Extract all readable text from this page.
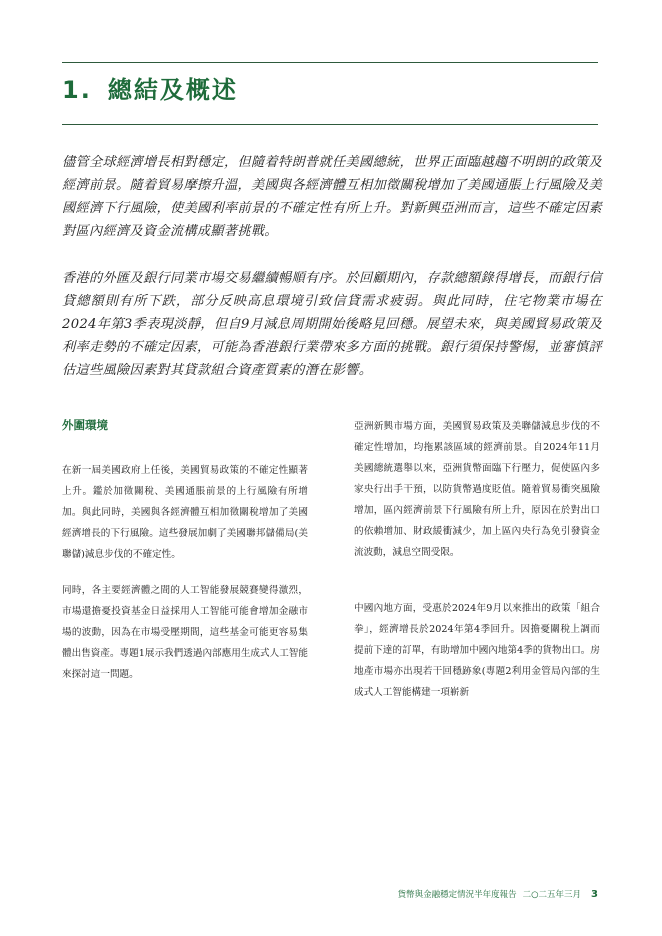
1. 總結及概述
儘管全球經濟增長相對穩定，但隨着特朗普就任美國總統，世界正面臨越趨不明朗的政策及經濟前景。隨着貿易摩擦升溫，美國與各經濟體互相加徵關稅增加了美國通脹上行風險及美國經濟下行風險，使美國利率前景的不確定性有所上升。對新興亞洲而言，這些不確定因素對區內經濟及資金流構成顯著挑戰。
香港的外匯及銀行同業市場交易繼續暢順有序。於回顧期內，存款總額錄得增長，而銀行信貸總額則有所下跌，部分反映高息環境引致信貸需求疲弱。與此同時，住宅物業市場在2024年第3季表現淡靜，但自9月減息周期開始後略見回穩。展望未來，與美國貿易政策及利率走勢的不確定因素，可能為香港銀行業帶來多方面的挑戰。銀行須保持警惕，並審慎評估這些風險因素對其貸款組合資產質素的潛在影響。
外圍環境
在新一屆美國政府上任後，美國貿易政策的不確定性顯著上升。鑑於加徵關稅、美國通脹前景的上行風險有所增加。與此同時，美國與各經濟體互相加徵關稅增加了美國經濟增長的下行風險。這些發展加劇了美國聯邦儲備局(美聯儲)減息步伐的不確定性。
同時，各主要經濟體之間的人工智能發展競賽變得激烈，市場還擔憂投資基金日益採用人工智能可能會增加金融市場的波動，因為在市場受壓期間，這些基金可能更容易集體出售資產。專題1展示我們透過內部應用生成式人工智能來探討這一問題。
亞洲新興市場方面，美國貿易政策及美聯儲減息步伐的不確定性增加，均拖累該區域的經濟前景。自2024年11月美國總統選舉以來，亞洲貨幣面臨下行壓力，促使區內多家央行出手干預，以防貨幣過度貶值。隨着貿易衝突風險增加，區內經濟前景下行風險有所上升，原因在於對出口的依賴增加、財政緩衝減少，加上區內央行為免引發資金流波動，減息空間受限。
中國內地方面，受惠於2024年9月以來推出的政策「組合拳」，經濟增長於2024年第4季回升。因擔憂關稅上調而提前下達的訂單，有助增加中國內地第4季的貨物出口。房地產市場亦出現若干回穩跡象(專題2利用金管局內部的生成式人工智能構建一項嶄新
貨幣與金融穩定情況半年度報告 二○二五年三月 3
